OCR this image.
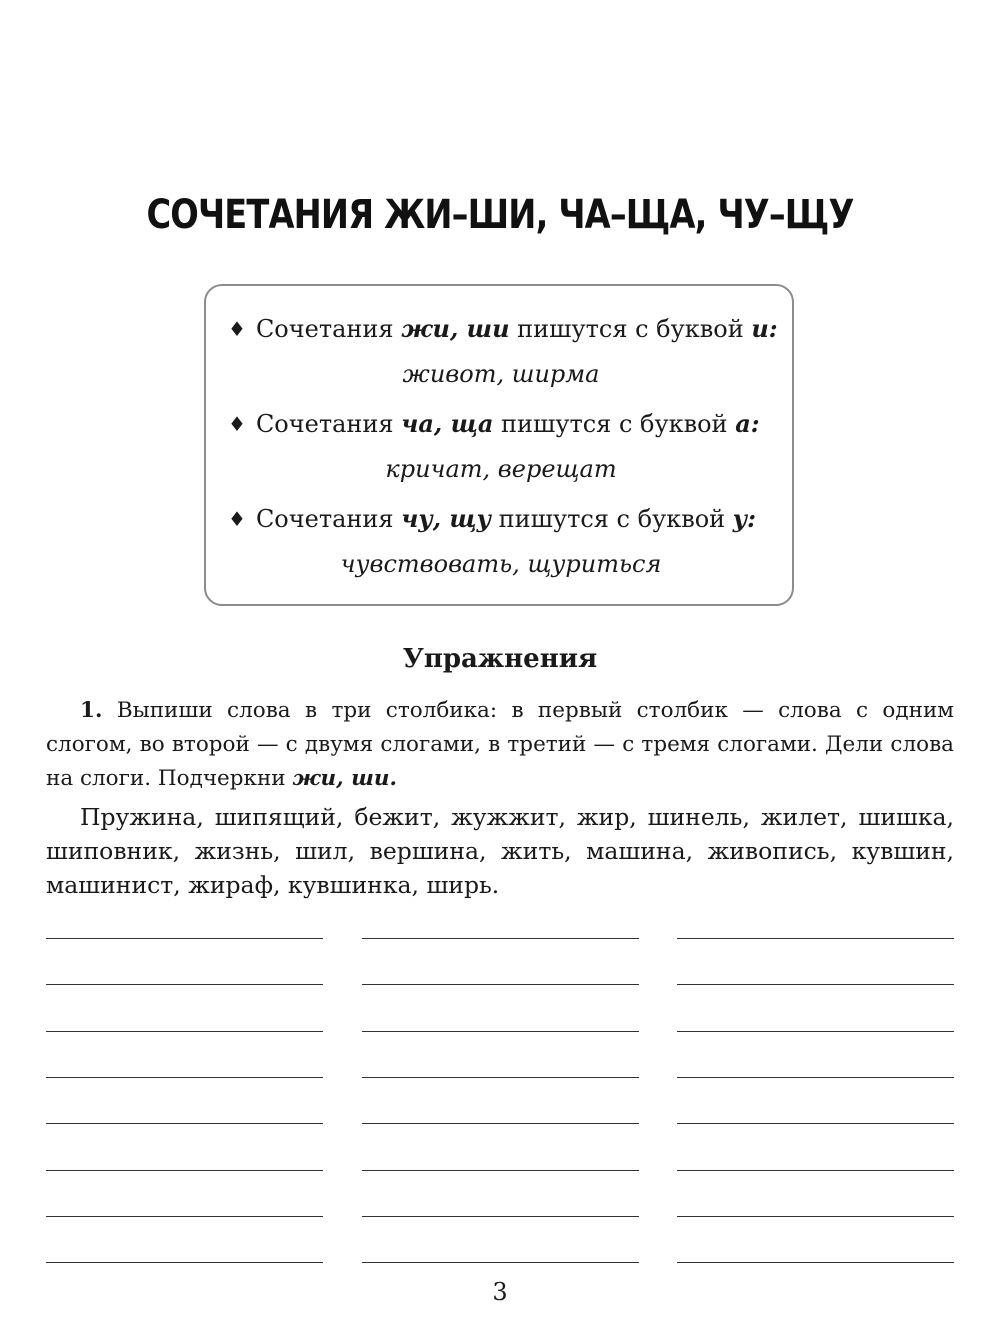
СОЧЕТАНИЯ ЖИ–ШИ, ЧА–ЩА, ЧУ–ЩУ
♦ Сочетания жи, ши пишутся с буквой и:
живот, ширма
♦ Сочетания ча, ща пишутся с буквой а:
кричат, верещат
♦ Сочетания чу, щу пишутся с буквой у:
чувствовать, щуриться
Упражнения
1. Выпиши слова в три столбика: в первый столбик — слова с одним слогом, во второй — с двумя слогами, в третий — с тремя слогами. Дели слова на слоги. Подчеркни жи, ши.
Пружина, шипящий, бежит, жужжит, жир, шинель, жилет, шишка, шиповник, жизнь, шил, вершина, жить, машина, живопись, кувшин, машинист, жираф, кувшинка, ширь.
3
